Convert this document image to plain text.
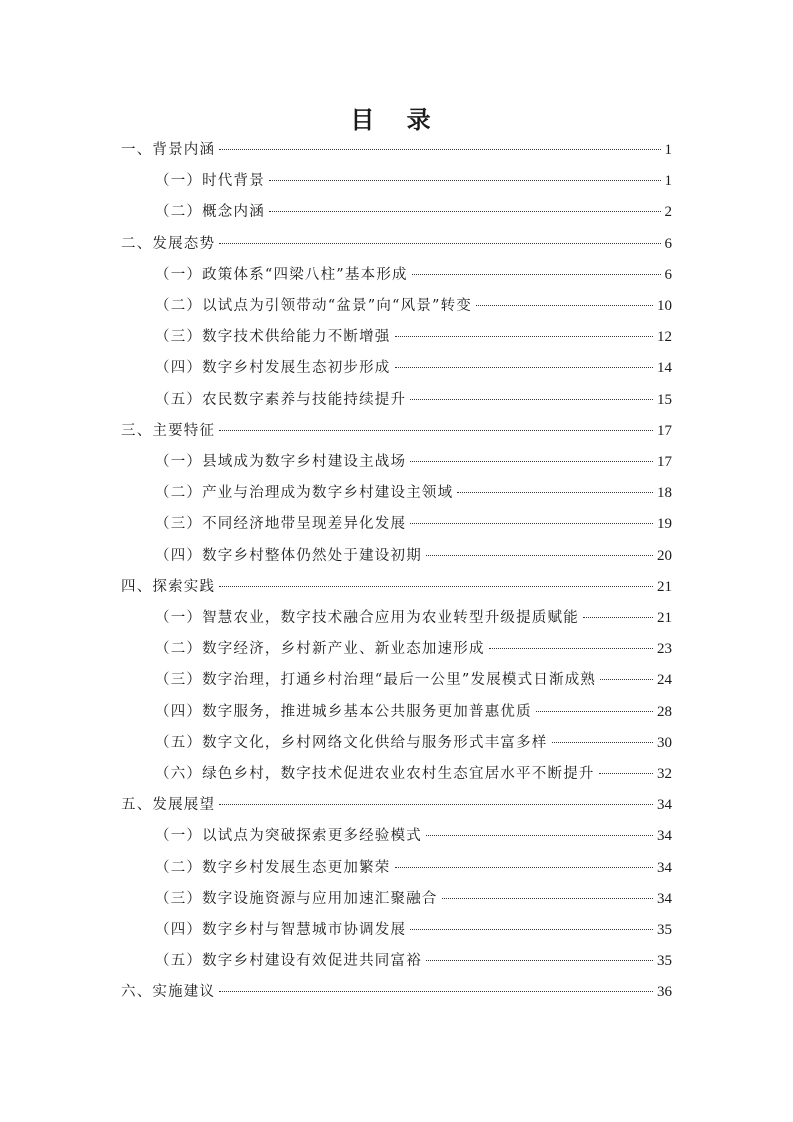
目 录
一、背景内涵	1
（一）时代背景	1
（二）概念内涵	2
二、发展态势	6
（一）政策体系“四梁八柱”基本形成	6
（二）以试点为引领带动“盆景”向“风景”转变	10
（三）数字技术供给能力不断增强	12
（四）数字乡村发展生态初步形成	14
（五）农民数字素养与技能持续提升	15
三、主要特征	17
（一）县域成为数字乡村建设主战场	17
（二）产业与治理成为数字乡村建设主领域	18
（三）不同经济地带呈现差异化发展	19
（四）数字乡村整体仍然处于建设初期	20
四、探索实践	21
（一）智慧农业，数字技术融合应用为农业转型升级提质赋能	21
（二）数字经济，乡村新产业、新业态加速形成	23
（三）数字治理，打通乡村治理“最后一公里”发展模式日渐成熟	24
（四）数字服务，推进城乡基本公共服务更加普惠优质	28
（五）数字文化，乡村网络文化供给与服务形式丰富多样	30
（六）绿色乡村，数字技术促进农业农村生态宜居水平不断提升	32
五、发展展望	34
（一）以试点为突破探索更多经验模式	34
（二）数字乡村发展生态更加繁荣	34
（三）数字设施资源与应用加速汇聚融合	34
（四）数字乡村与智慧城市协调发展	35
（五）数字乡村建设有效促进共同富裕	35
六、实施建议	36
